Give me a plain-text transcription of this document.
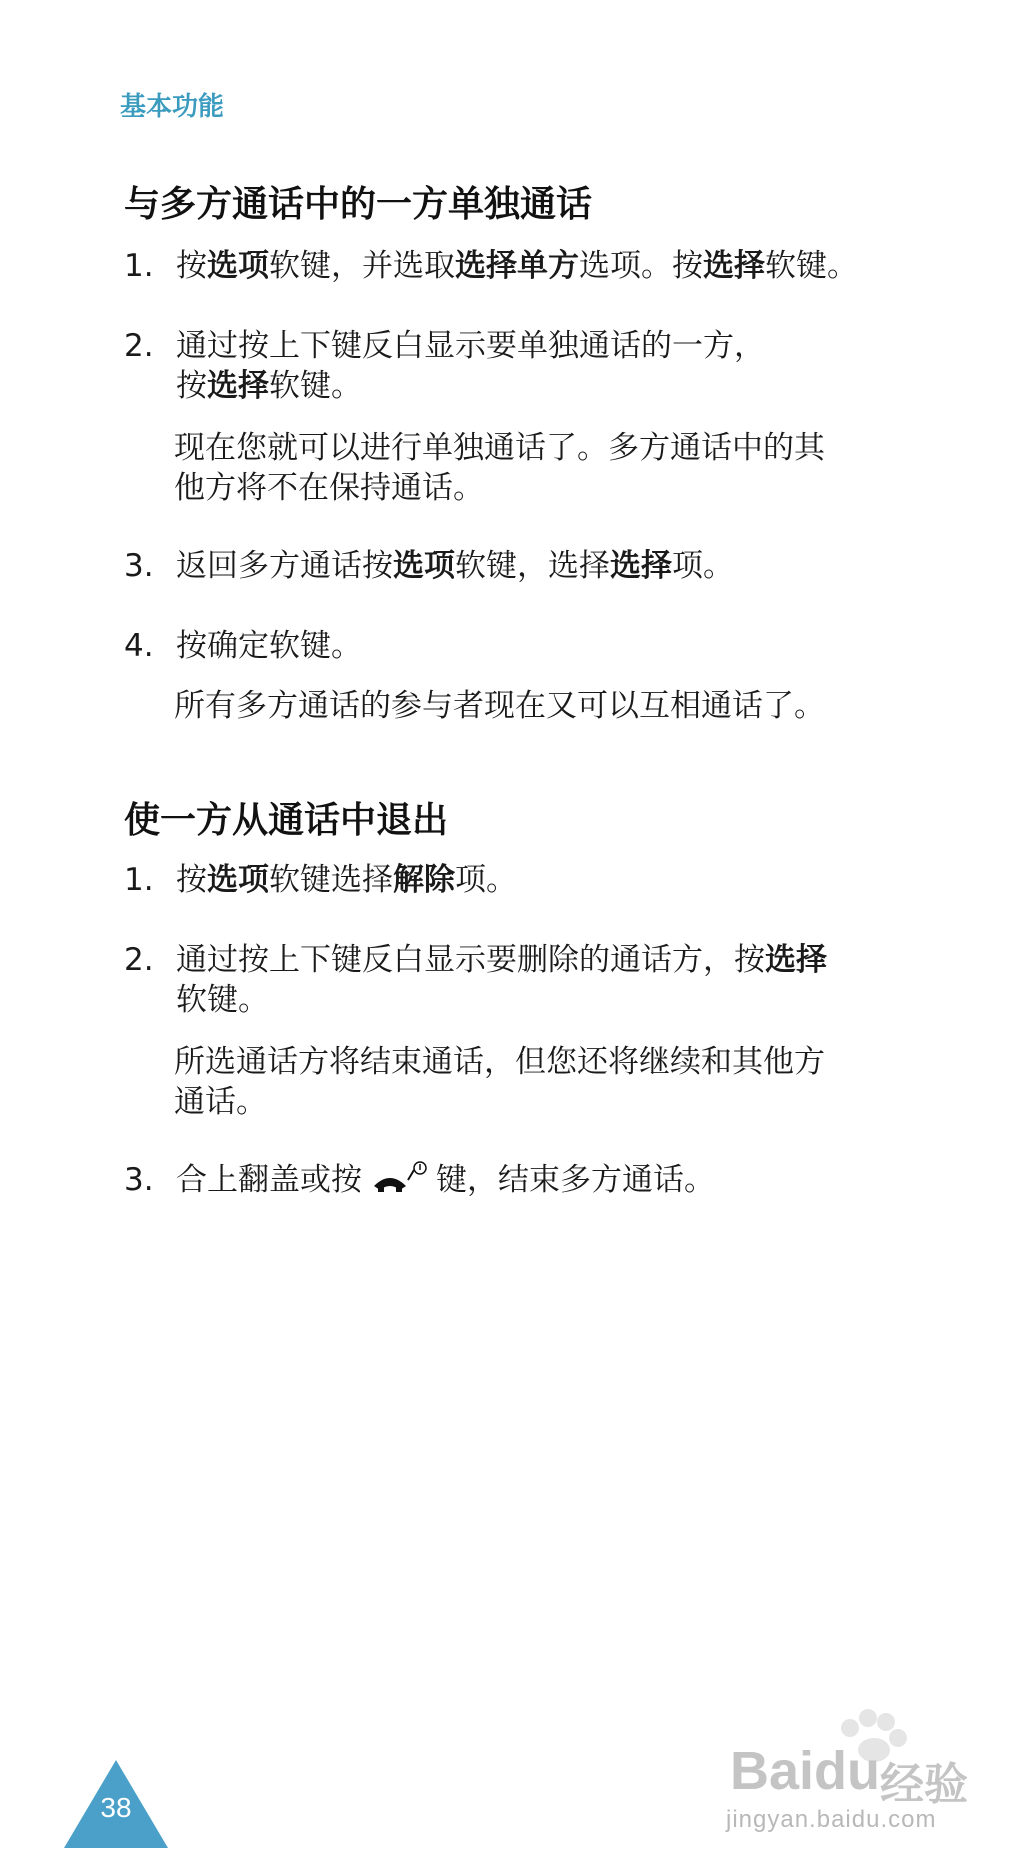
基本功能
与多方通话中的一方单独通话
1. 按选项软键，并选取选择单方选项。按选择软键。
2. 通过按上下键反白显示要单独通话的一方，
按选择软键。
现在您就可以进行单独通话了。多方通话中的其
他方将不在保持通话。
3. 返回多方通话按选项软键，选择选择项。
4. 按确定软键。
所有多方通话的参与者现在又可以互相通话了。
使一方从通话中退出
1. 按选项软键选择解除项。
2. 通过按上下键反白显示要删除的通话方，按选择
软键。
所选通话方将结束通话，但您还将继续和其他方
通话。
3. 合上翻盖或按 键，结束多方通话。
38
Baidu 经验
jingyan.baidu.com
